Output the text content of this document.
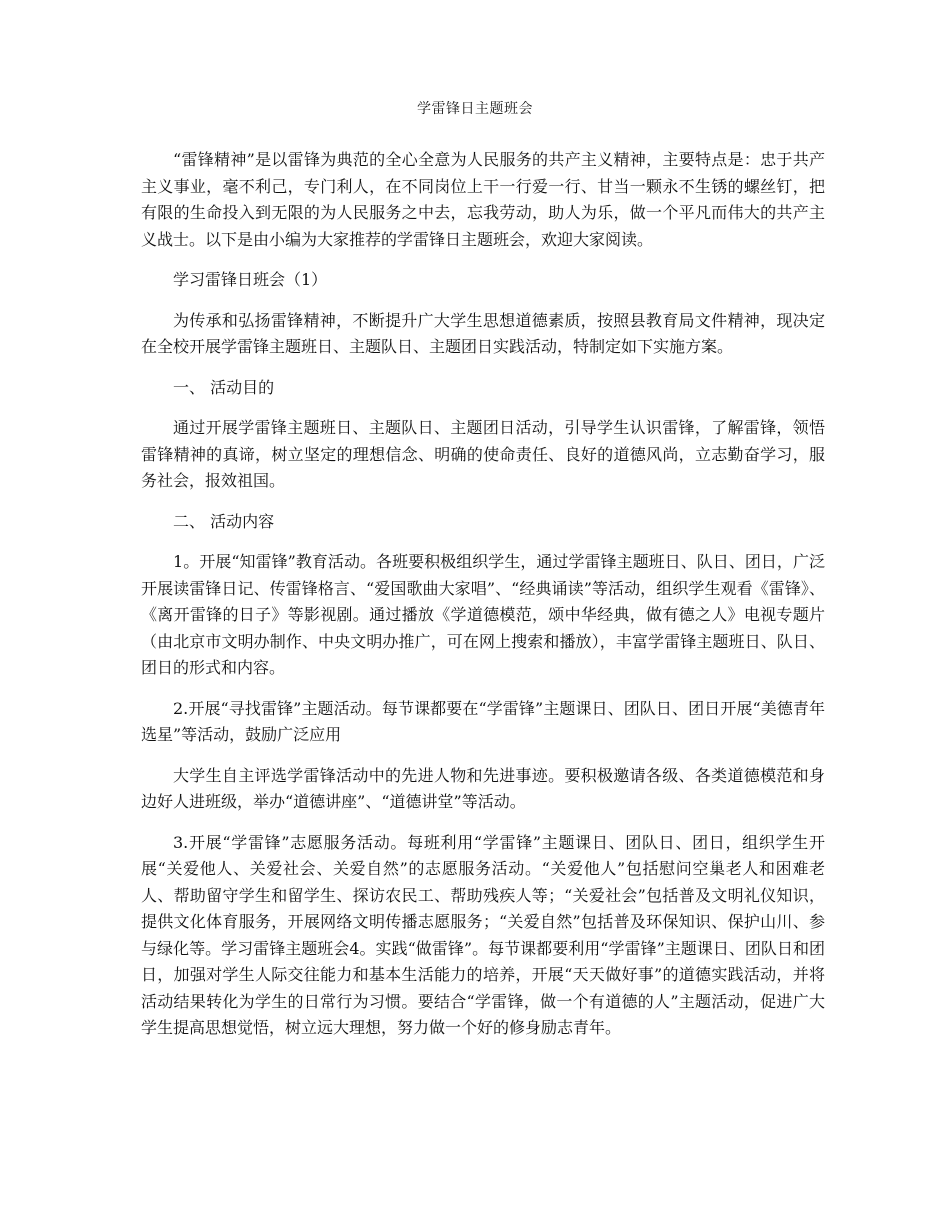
学雷锋日主题班会

“雷锋精神”是以雷锋为典范的全心全意为人民服务的共产主义精神，主要特点是：忠于共产主义事业，毫不利己，专门利人，在不同岗位上干一行爱一行、甘当一颗永不生锈的螺丝钉，把有限的生命投入到无限的为人民服务之中去，忘我劳动，助人为乐，做一个平凡而伟大的共产主义战士。以下是由小编为大家推荐的学雷锋日主题班会，欢迎大家阅读。

学习雷锋日班会（1）

为传承和弘扬雷锋精神，不断提升广大学生思想道德素质，按照县教育局文件精神，现决定在全校开展学雷锋主题班日、主题队日、主题团日实践活动，特制定如下实施方案。

一、 活动目的

通过开展学雷锋主题班日、主题队日、主题团日活动，引导学生认识雷锋，了解雷锋，领悟雷锋精神的真谛，树立坚定的理想信念、明确的使命责任、良好的道德风尚，立志勤奋学习，服务社会，报效祖国。

二、 活动内容

1。开展“知雷锋”教育活动。各班要积极组织学生，通过学雷锋主题班日、队日、团日，广泛开展读雷锋日记、传雷锋格言、“爱国歌曲大家唱”、“经典诵读”等活动，组织学生观看《雷锋》、《离开雷锋的日子》等影视剧。通过播放《学道德模范，颂中华经典，做有德之人》电视专题片（由北京市文明办制作、中央文明办推广，可在网上搜索和播放），丰富学雷锋主题班日、队日、团日的形式和内容。

2.开展“寻找雷锋”主题活动。每节课都要在“学雷锋”主题课日、团队日、团日开展“美德青年选星”等活动，鼓励广泛应用

大学生自主评选学雷锋活动中的先进人物和先进事迹。要积极邀请各级、各类道德模范和身边好人进班级，举办“道德讲座”、“道德讲堂”等活动。

3.开展“学雷锋”志愿服务活动。每班利用“学雷锋”主题课日、团队日、团日，组织学生开展“关爱他人、关爱社会、关爱自然”的志愿服务活动。“关爱他人”包括慰问空巢老人和困难老人、帮助留守学生和留学生、探访农民工、帮助残疾人等；“关爱社会”包括普及文明礼仪知识，提供文化体育服务，开展网络文明传播志愿服务；“关爱自然”包括普及环保知识、保护山川、参与绿化等。学习雷锋主题班会4。实践“做雷锋”。每节课都要利用“学雷锋”主题课日、团队日和团日，加强对学生人际交往能力和基本生活能力的培养，开展“天天做好事”的道德实践活动，并将活动结果转化为学生的日常行为习惯。要结合“学雷锋，做一个有道德的人”主题活动，促进广大学生提高思想觉悟，树立远大理想，努力做一个好的修身励志青年。
